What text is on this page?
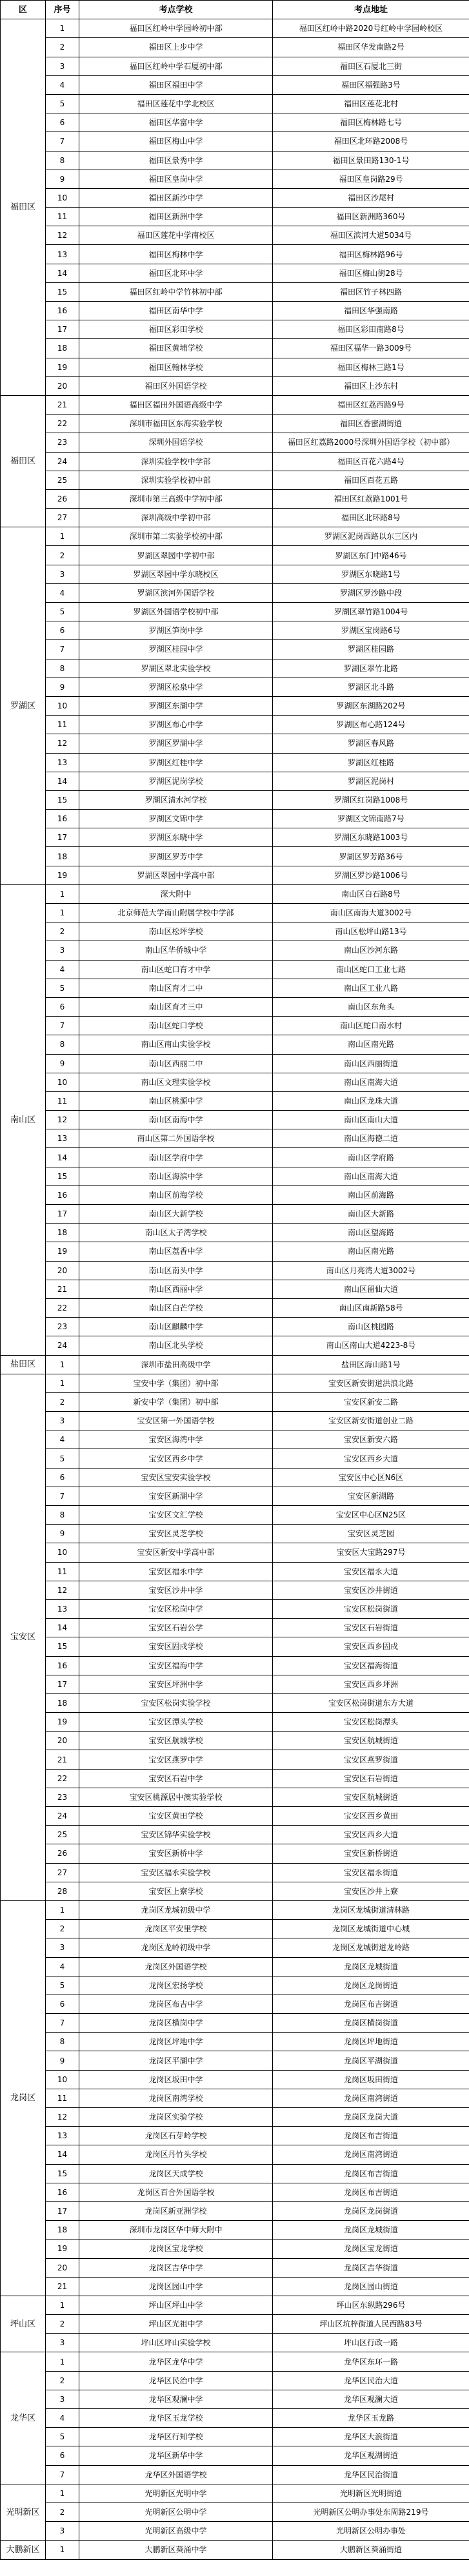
区	序号	考点学校	考点地址
福田区	1	福田区红岭中学园岭初中部	福田区红岭中路2020号红岭中学园岭校区
	2	福田区上步中学	福田区华发南路2号
	3	福田区红岭中学石厦初中部	福田区石厦北三街
	4	福田区福田中学	福田区福强路3号
	5	福田区莲花中学北校区	福田区莲花北村
	6	福田区华富中学	福田区梅林路七号
	7	福田区梅山中学	福田区北环路2008号
	8	福田区景秀中学	福田区景田路130-1号
	9	福田区皇岗中学	福田区皇岗路29号
	10	福田区新沙中学	福田区沙尾村
	11	福田区新洲中学	福田区新洲路360号
	12	福田区莲花中学南校区	福田区滨河大道5034号
	13	福田区梅林中学	福田区梅林路96号
	14	福田区北环中学	福田区梅山街28号
	15	福田区红岭中学竹林初中部	福田区竹子林四路
	16	福田区南华中学	福田区华强南路
	17	福田区彩田学校	福田区彩田南路8号
	18	福田区黄埔学校	福田区福华一路3009号
	19	福田区翰林学校	福田区梅林三路1号
	20	福田区外国语学校	福田区上沙东村
福田区	21	福田区福田外国语高级中学	福田区红荔西路9号
	22	深圳市福田区东海实验学校	福田区香蜜湖街道
	23	深圳外国语学校	福田区红荔路2000号深圳外国语学校（初中部）
	24	深圳实验学校中学部	福田区百花六路4号
	25	深圳实验学校初中部	福田区百花五路
	26	深圳市第三高级中学初中部	福田区红荔路1001号
	27	深圳高级中学初中部	福田区北环路8号
罗湖区	1	深圳市第二实验学校初中部	罗湖区泥岗西路以东三区内
	2	罗湖区翠园中学初中部	罗湖区东门中路46号
	3	罗湖区翠园中学东晓校区	罗湖区东晓路1号
	4	罗湖区滨河外国语学校	罗湖区罗沙路中段
	5	罗湖区外国语学校初中部	罗湖区翠竹路1004号
	6	罗湖区笋岗中学	罗湖区宝岗路6号
	7	罗湖区桂园中学	罗湖区桂园路
	8	罗湖区翠北实验学校	罗湖区翠竹北路
	9	罗湖区松泉中学	罗湖区北斗路
	10	罗湖区东湖中学	罗湖区东湖路202号
	11	罗湖区布心中学	罗湖区布心路124号
	12	罗湖区罗湖中学	罗湖区春风路
	13	罗湖区红桂中学	罗湖区红桂路
	14	罗湖区泥岗学校	罗湖区泥岗村
	15	罗湖区清水河学校	罗湖区红岗路1008号
	16	罗湖区文锦中学	罗湖区文锦南路7号
	17	罗湖区东晓中学	罗湖区东晓路1003号
	18	罗湖区罗芳中学	罗湖区罗芳路36号
	19	罗湖区翠园中学高中部	罗湖区罗沙路1006号
南山区	1	深大附中	南山区白石路8号
	1	北京师范大学南山附属学校中学部	南山区南海大道3002号
	2	南山区松坪学校	南山区松坪山路13号
	3	南山区华侨城中学	南山区沙河东路
	4	南山区蛇口育才中学	南山区蛇口工业七路
	5	南山区育才二中	南山区工业八路
	6	南山区育才三中	南山区东角头
	7	南山区蛇口学校	南山区蛇口南水村
	8	南山区南山实验学校	南山区南光路
	9	南山区西丽二中	南山区西丽街道
	10	南山区文理实验学校	南山区南海大道
	11	南山区桃源中学	南山区龙珠大道
	12	南山区南海中学	南山区南山大道
	13	南山区第二外国语学校	南山区海德二道
	14	南山区学府中学	南山区学府路
	15	南山区海滨中学	南山区南海大道
	16	南山区前海学校	南山区前海路
	17	南山区大新学校	南山区大新路
	18	南山区太子湾学校	南山区望海路
	19	南山区荔香中学	南山区南光路
	20	南山区南头中学	南山区月亮湾大道3002号
	21	南山区西丽中学	南山区留仙大道
	22	南山区白芒学校	南山区南新路58号
	23	南山区麒麟中学	南山区桃园路
	24	南山区北头学校	南山区南山大道4223-8号
盐田区	1	深圳市盐田高级中学	盐田区海山路1号
宝安区	1	宝安中学（集团）初中部	宝安区新安街道洪浪北路
	2	新安中学（集团）初中部	宝安区新安二路
	3	宝安区第一外国语学校	宝安区新安街道创业二路
	4	宝安区海湾中学	宝安区新安六路
	5	宝安区西乡中学	宝安区西乡大道
	6	宝安区宝安实验学校	宝安区中心区N6区
	7	宝安区新湖中学	宝安区新湖路
	8	宝安区文汇学校	宝安区中心区N25区
	9	宝安区灵芝学校	宝安区灵芝园
	10	宝安区新安中学高中部	宝安区大宝路297号
	11	宝安区福永中学	宝安区福永大道
	12	宝安区沙井中学	宝安区沙井街道
	13	宝安区松岗中学	宝安区松岗街道
	14	宝安区石岩公学	宝安区石岩街道
	15	宝安区固戍学校	宝安区西乡固戍
	16	宝安区福海中学	宝安区福海街道
	17	宝安区坪洲中学	宝安区西乡坪洲
	18	宝安区松岗实验学校	宝安区松岗街道东方大道
	19	宝安区潭头学校	宝安区松岗潭头
	20	宝安区航城学校	宝安区航城街道
	21	宝安区燕罗中学	宝安区燕罗街道
	22	宝安区石岩中学	宝安区石岩街道
	23	宝安区桃源居中澳实验学校	宝安区航城街道
	24	宝安区黄田学校	宝安区西乡黄田
	25	宝安区锦华实验学校	宝安区西乡大道
	26	宝安区新桥中学	宝安区新桥街道
	27	宝安区福永实验学校	宝安区福永街道
	28	宝安区上寮学校	宝安区沙井上寮
龙岗区	1	龙岗区龙城初级中学	龙岗区龙城街道清林路
	2	龙岗区平安里学校	龙岗区龙城街道中心城
	3	龙岗区龙岭初级中学	龙岗区龙城街道龙岭路
	4	龙岗区外国语学校	龙岗区龙城街道
	5	龙岗区宏扬学校	龙岗区龙岗街道
	6	龙岗区布吉中学	龙岗区布吉街道
	7	龙岗区横岗中学	龙岗区横岗街道
	8	龙岗区坪地中学	龙岗区坪地街道
	9	龙岗区平湖中学	龙岗区平湖街道
	10	龙岗区坂田中学	龙岗区坂田街道
	11	龙岗区南湾学校	龙岗区南湾街道
	12	龙岗区实验学校	龙岗区龙岗大道
	13	龙岗区石芽岭学校	龙岗区布吉街道
	14	龙岗区丹竹头学校	龙岗区南湾街道
	15	龙岗区天成学校	龙岗区布吉街道
	16	龙岗区百合外国语学校	龙岗区布吉街道
	17	龙岗区新亚洲学校	龙岗区龙岗街道
	18	深圳市龙岗区华中师大附中	龙岗区龙城街道
	19	龙岗区宝龙学校	龙岗区宝龙街道
	20	龙岗区吉华中学	龙岗区吉华街道
	21	龙岗区园山中学	龙岗区园山街道
坪山区	1	坪山区坪山中学	坪山区东纵路296号
	2	坪山区光祖中学	坪山区坑梓街道人民西路83号
	3	坪山区坪山实验学校	坪山区行政一路
龙华区	1	龙华区龙华中学	龙华区东环一路
	2	龙华区民治中学	龙华区民治大道
	3	龙华区观澜中学	龙华区观澜大道
	4	龙华区玉龙学校	龙华区玉龙路
	5	龙华区行知学校	龙华区大浪街道
	6	龙华区新华中学	龙华区观湖街道
	7	龙华区外国语学校	龙华区民治街道
光明新区	1	光明新区光明中学	光明新区光明街道
	2	光明新区公明中学	光明新区公明办事处东周路219号
	3	光明新区高级中学	光明新区公明办事处
大鹏新区	1	大鹏新区葵涌中学	大鹏新区葵涌街道
